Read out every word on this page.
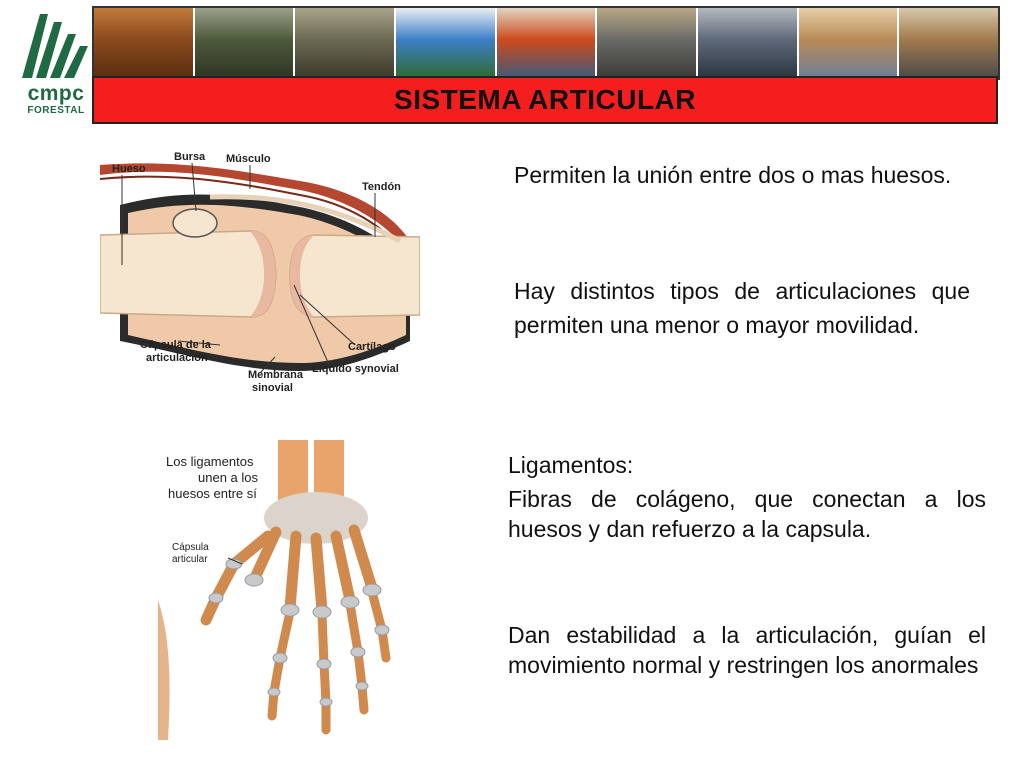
cmpc
FORESTAL	SISTEMA ARTICULAR
Hueso
Bursa Músculo
Tendón
Cápsula de la
articulación
Cartílago
Membrana
sinovial
Líquido synovial
Los ligamentos
unen a los
huesos entre sí
Cápsula
articular
Permiten la unión entre dos o mas huesos.
Hay distintos tipos de articulaciones que permiten una menor o mayor movilidad.
Ligamentos:
Fibras de colágeno, que conectan a los huesos y dan refuerzo a la capsula.
Dan estabilidad a la articulación, guían el movimiento normal y restringen los anormales
